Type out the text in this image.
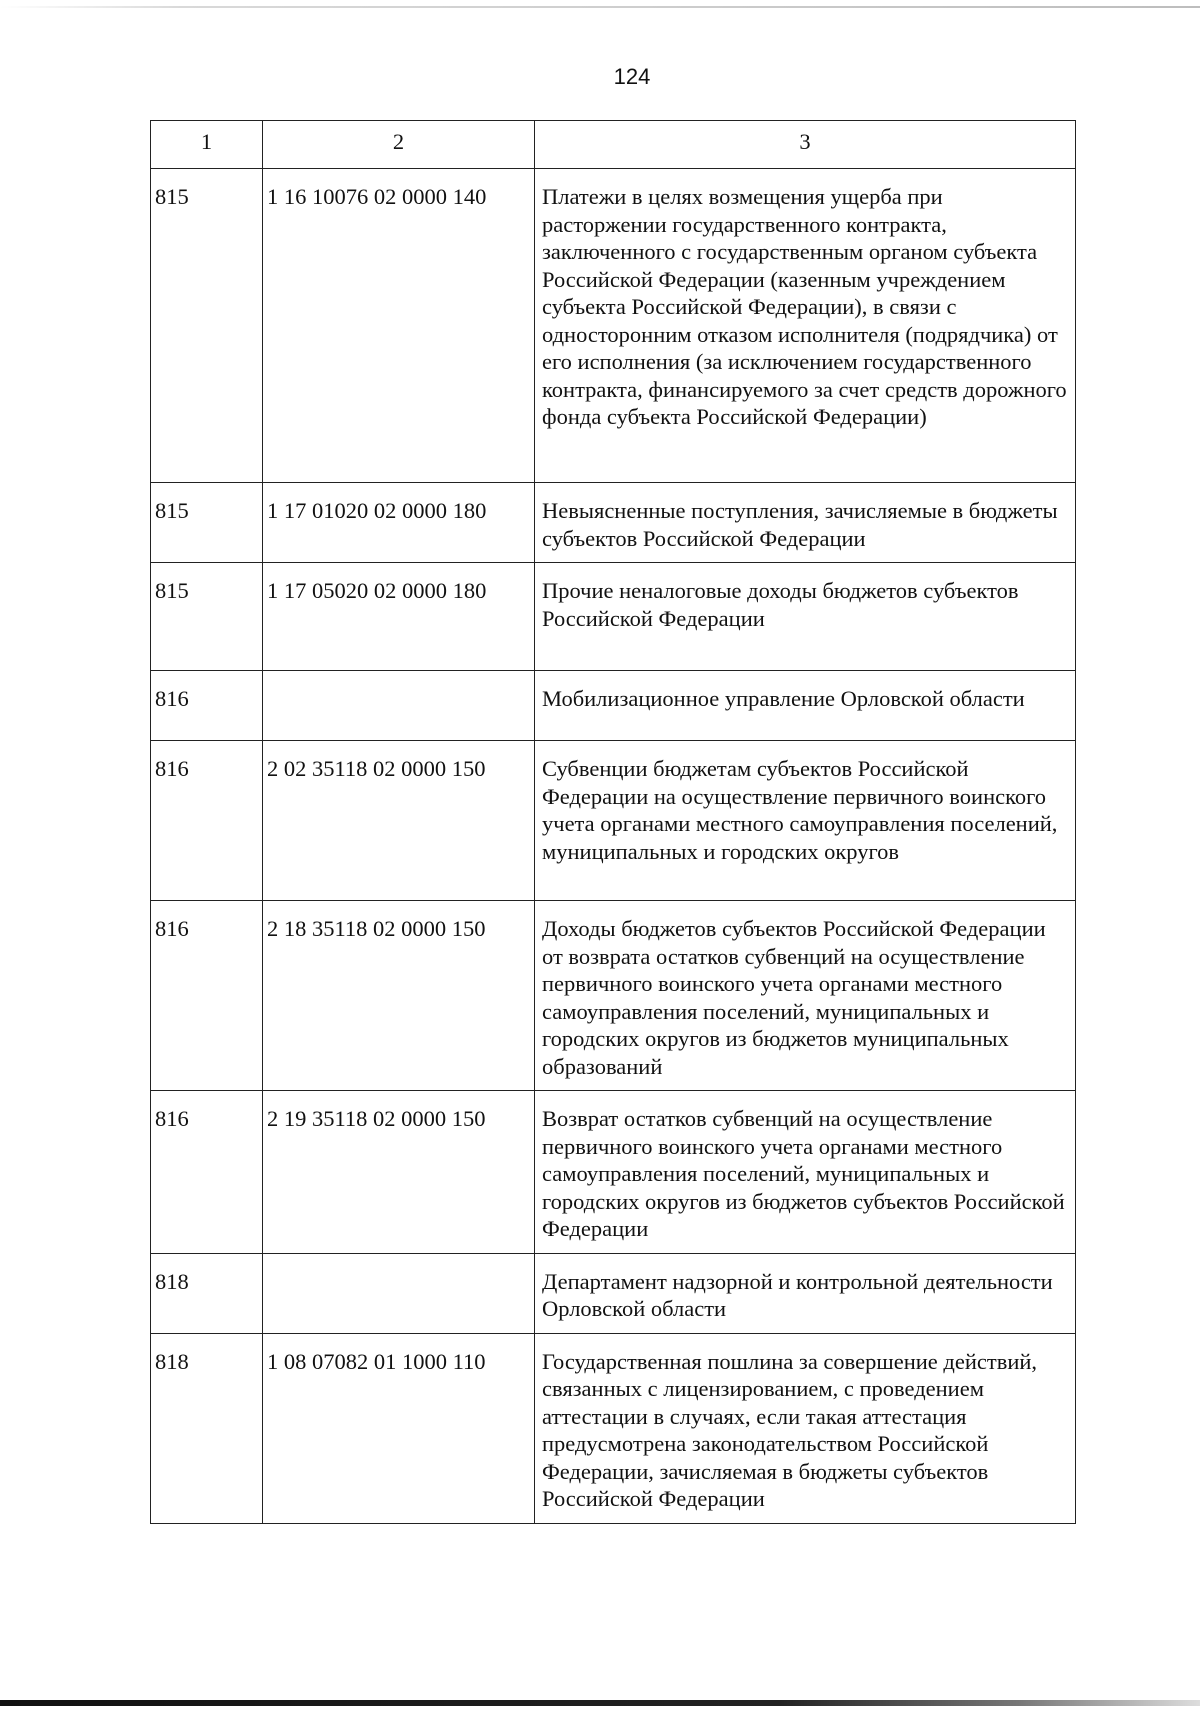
124
1	2	3
815	1 16 10076 02 0000 140	Платежи в целях возмещения ущерба при расторжении государственного контракта, заключенного с государственным органом субъекта Российской Федерации (казенным учреждением субъекта Российской Федерации), в связи с односторонним отказом исполнителя (подрядчика) от его исполнения (за исключением государственного контракта, финансируемого за счет средств дорожного фонда субъекта Российской Федерации)
815	1 17 01020 02 0000 180	Невыясненные поступления, зачисляемые в бюджеты субъектов Российской Федерации
815	1 17 05020 02 0000 180	Прочие неналоговые доходы бюджетов субъектов Российской Федерации
816		Мобилизационное управление Орловской области
816	2 02 35118 02 0000 150	Субвенции бюджетам субъектов Российской Федерации на осуществление первичного воинского учета органами местного самоуправления поселений, муниципальных и городских округов
816	2 18 35118 02 0000 150	Доходы бюджетов субъектов Российской Федерации от возврата остатков субвенций на осуществление первичного воинского учета органами местного самоуправления поселений, муниципальных и городских округов из бюджетов муниципальных образований
816	2 19 35118 02 0000 150	Возврат остатков субвенций на осуществление первичного воинского учета органами местного самоуправления поселений, муниципальных и городских округов из бюджетов субъектов Российской Федерации
818		Департамент надзорной и контрольной деятельности Орловской области
818	1 08 07082 01 1000 110	Государственная пошлина за совершение действий, связанных с лицензированием, с проведением аттестации в случаях, если такая аттестация предусмотрена законодательством Российской Федерации, зачисляемая в бюджеты субъектов Российской Федерации
